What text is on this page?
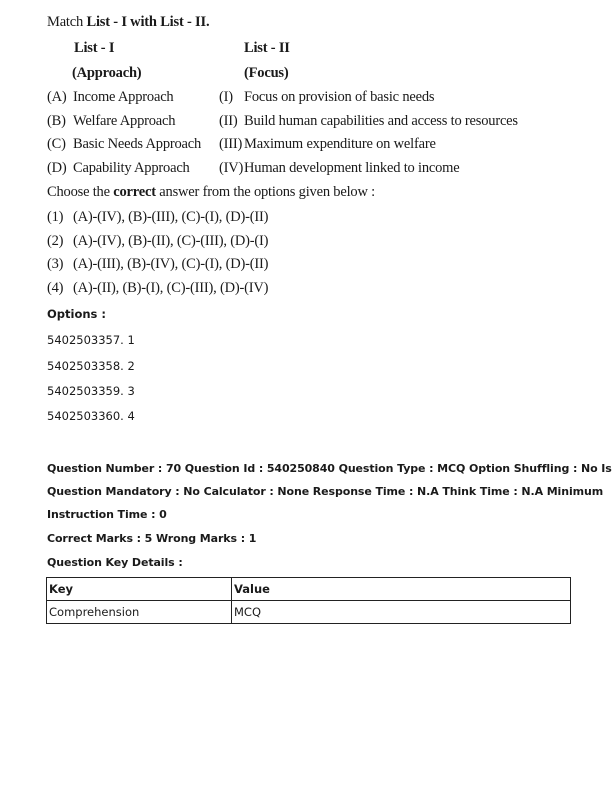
Match List - I with List - II.
List - I	List - II
(Approach)	(Focus)
(A) Income Approach	(I) Focus on provision of basic needs
(B) Welfare Approach	(II) Build human capabilities and access to resources
(C) Basic Needs Approach (III) Maximum expenditure on welfare
(D) Capability Approach (IV) Human development linked to income
Choose the correct answer from the options given below :
(1) (A)-(IV), (B)-(III), (C)-(I), (D)-(II)
(2) (A)-(IV), (B)-(II), (C)-(III), (D)-(I)
(3) (A)-(III), (B)-(IV), (C)-(I), (D)-(II)
(4) (A)-(II), (B)-(I), (C)-(III), (D)-(IV)
Options :
5402503357. 1
5402503358. 2
5402503359. 3
5402503360. 4
Question Number : 70 Question Id : 540250840 Question Type : MCQ Option Shuffling : No Is
Question Mandatory : No Calculator : None Response Time : N.A Think Time : N.A Minimum
Instruction Time : 0
Correct Marks : 5 Wrong Marks : 1
Question Key Details :
Key	Value
Comprehension	MCQ
